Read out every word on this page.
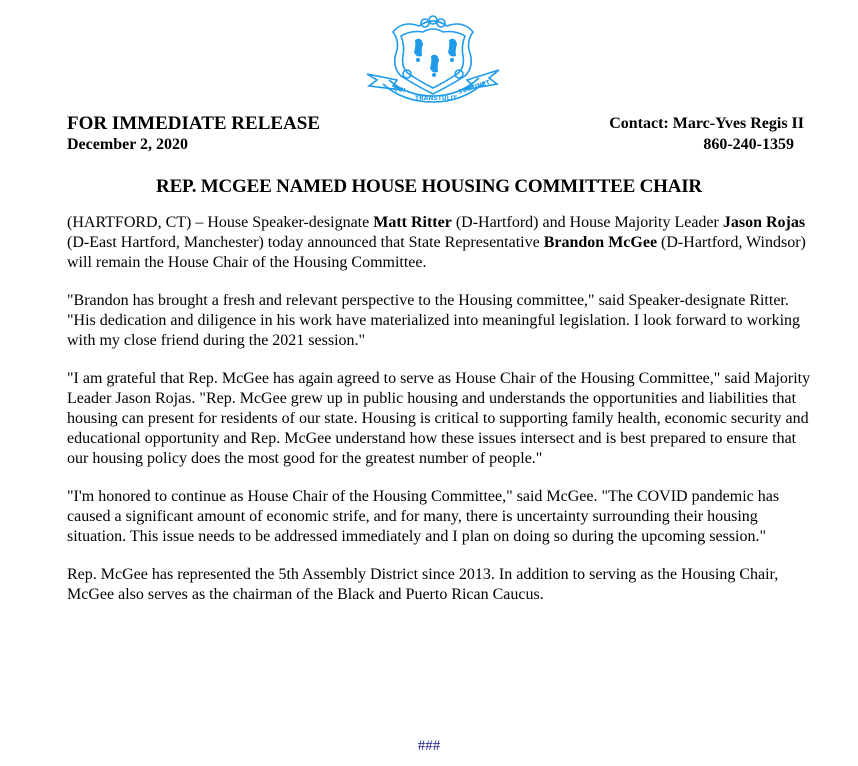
QUI
TRANSTULIT
SUSTINET
FOR IMMEDIATE RELEASE
December 2, 2020
Contact: Marc-Yves Regis II
860-240-1359
REP. MCGEE NAMED HOUSE HOUSING COMMITTEE CHAIR

(HARTFORD, CT) – House Speaker-designate Matt Ritter (D-Hartford) and House Majority Leader Jason Rojas (D-East Hartford, Manchester) today announced that State Representative Brandon McGee (D-Hartford, Windsor) will remain the House Chair of the Housing Committee.

"Brandon has brought a fresh and relevant perspective to the Housing committee," said Speaker-designate Ritter. "His dedication and diligence in his work have materialized into meaningful legislation. I look forward to working with my close friend during the 2021 session."

"I am grateful that Rep. McGee has again agreed to serve as House Chair of the Housing Committee," said Majority Leader Jason Rojas. "Rep. McGee grew up in public housing and understands the opportunities and liabilities that housing can present for residents of our state. Housing is critical to supporting family health, economic security and educational opportunity and Rep. McGee understand how these issues intersect and is best prepared to ensure that our housing policy does the most good for the greatest number of people."

"I'm honored to continue as House Chair of the Housing Committee," said McGee. "The COVID pandemic has caused a significant amount of economic strife, and for many, there is uncertainty surrounding their housing situation. This issue needs to be addressed immediately and I plan on doing so during the upcoming session."

Rep. McGee has represented the 5th Assembly District since 2013. In addition to serving as the Housing Chair, McGee also serves as the chairman of the Black and Puerto Rican Caucus.

###
